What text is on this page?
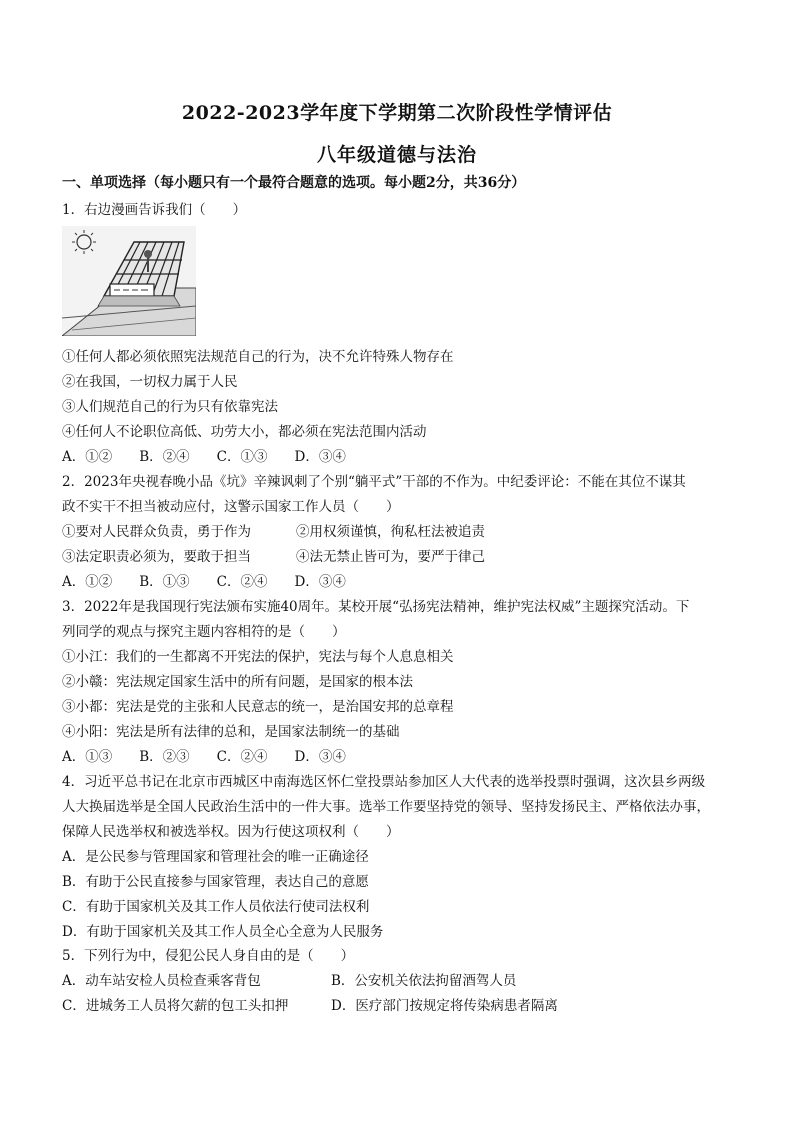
2022-2023学年度下学期第二次阶段性学情评估
八年级道德与法治
一、单项选择（每小题只有一个最符合题意的选项。每小题2分，共36分）
1．右边漫画告诉我们（　　）
①任何人都必须依照宪法规范自己的行为，决不允许特殊人物存在
②在我国，一切权力属于人民
③人们规范自己的行为只有依靠宪法
④任何人不论职位高低、功劳大小，都必须在宪法范围内活动
A．①②　　B．②④　　C．①③　　D．③④
2．2023年央视春晚小品《坑》辛辣讽刺了个别“躺平式”干部的不作为。中纪委评论：不能在其位不谋其
政不实干不担当被动应付，这警示国家工作人员（　　）
①要对人民群众负责，勇于作为	②用权须谨慎，徇私枉法被追责
③法定职责必须为，要敢于担当	④法无禁止皆可为，要严于律己
A．①②　　B．①③　　C．②④　　D．③④
3．2022年是我国现行宪法颁布实施40周年。某校开展“弘扬宪法精神，维护宪法权威”主题探究活动。下
列同学的观点与探究主题内容相符的是（　　）
①小江：我们的一生都离不开宪法的保护，宪法与每个人息息相关
②小赣：宪法规定国家生活中的所有问题，是国家的根本法
③小都：宪法是党的主张和人民意志的统一，是治国安邦的总章程
④小阳：宪法是所有法律的总和，是国家法制统一的基础
A．①③　　B．②③　　C．②④　　D．③④
4．习近平总书记在北京市西城区中南海选区怀仁堂投票站参加区人大代表的选举投票时强调，这次县乡两级
人大换届选举是全国人民政治生活中的一件大事。选举工作要坚持党的领导、坚持发扬民主、严格依法办事，
保障人民选举权和被选举权。因为行使这项权利（　　）
A．是公民参与管理国家和管理社会的唯一正确途径
B．有助于公民直接参与国家管理，表达自己的意愿
C．有助于国家机关及其工作人员依法行使司法权利
D．有助于国家机关及其工作人员全心全意为人民服务
5．下列行为中，侵犯公民人身自由的是（　　）
A．动车站安检人员检查乘客背包	B．公安机关依法拘留酒驾人员
C．进城务工人员将欠薪的包工头扣押	D．医疗部门按规定将传染病患者隔离
